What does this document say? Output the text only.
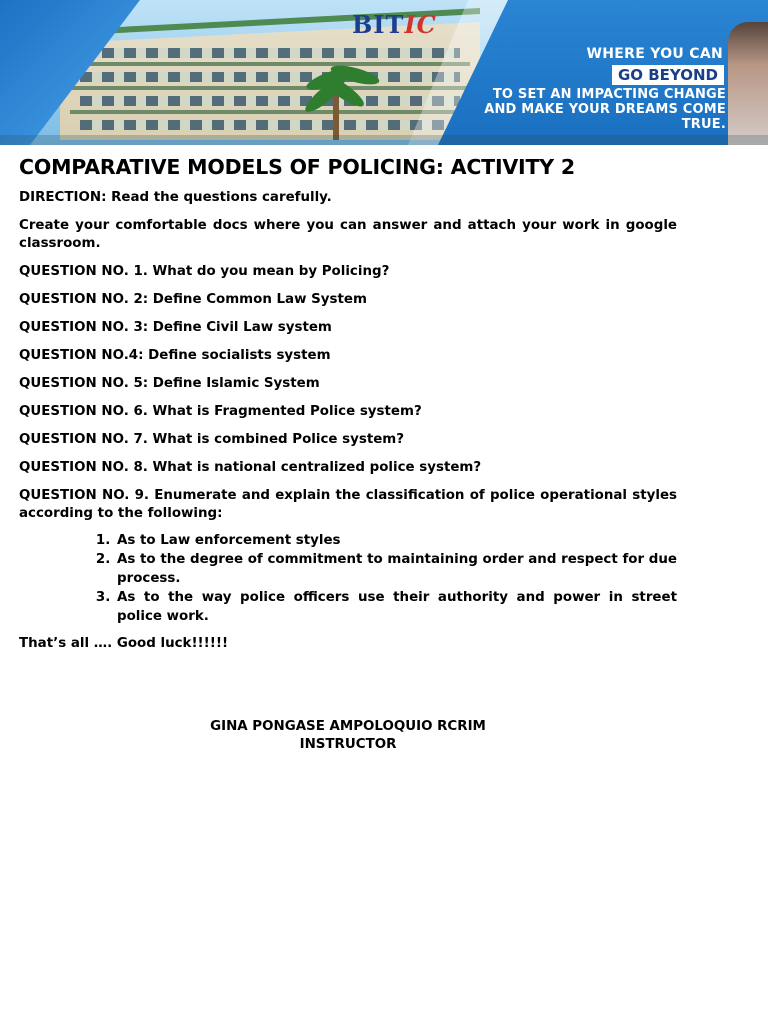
BITIC
WHERE YOU CAN
GO BEYOND
TO SET AN IMPACTING CHANGE
AND MAKE YOUR DREAMS COME TRUE.
COMPARATIVE MODELS OF POLICING: ACTIVITY 2

DIRECTION: Read the questions carefully.

Create your comfortable docs where you can answer and attach your work in google classroom.

QUESTION NO. 1. What do you mean by Policing?

QUESTION NO. 2: Define Common Law System

QUESTION NO. 3: Define Civil Law system

QUESTION NO.4: Define socialists system

QUESTION NO. 5: Define Islamic System

QUESTION NO. 6. What is Fragmented Police system?

QUESTION NO. 7. What is combined Police system?

QUESTION NO. 8. What is national centralized police system?

QUESTION NO. 9. Enumerate and explain the classification of police operational styles according to the following:

1. As to Law enforcement styles
2. As to the degree of commitment to maintaining order and respect for due process.
3. As to the way police officers use their authority and power in street police work.

That’s all …. Good luck!!!!!!

GINA PONGASE AMPOLOQUIO RCRIM
INSTRUCTOR
